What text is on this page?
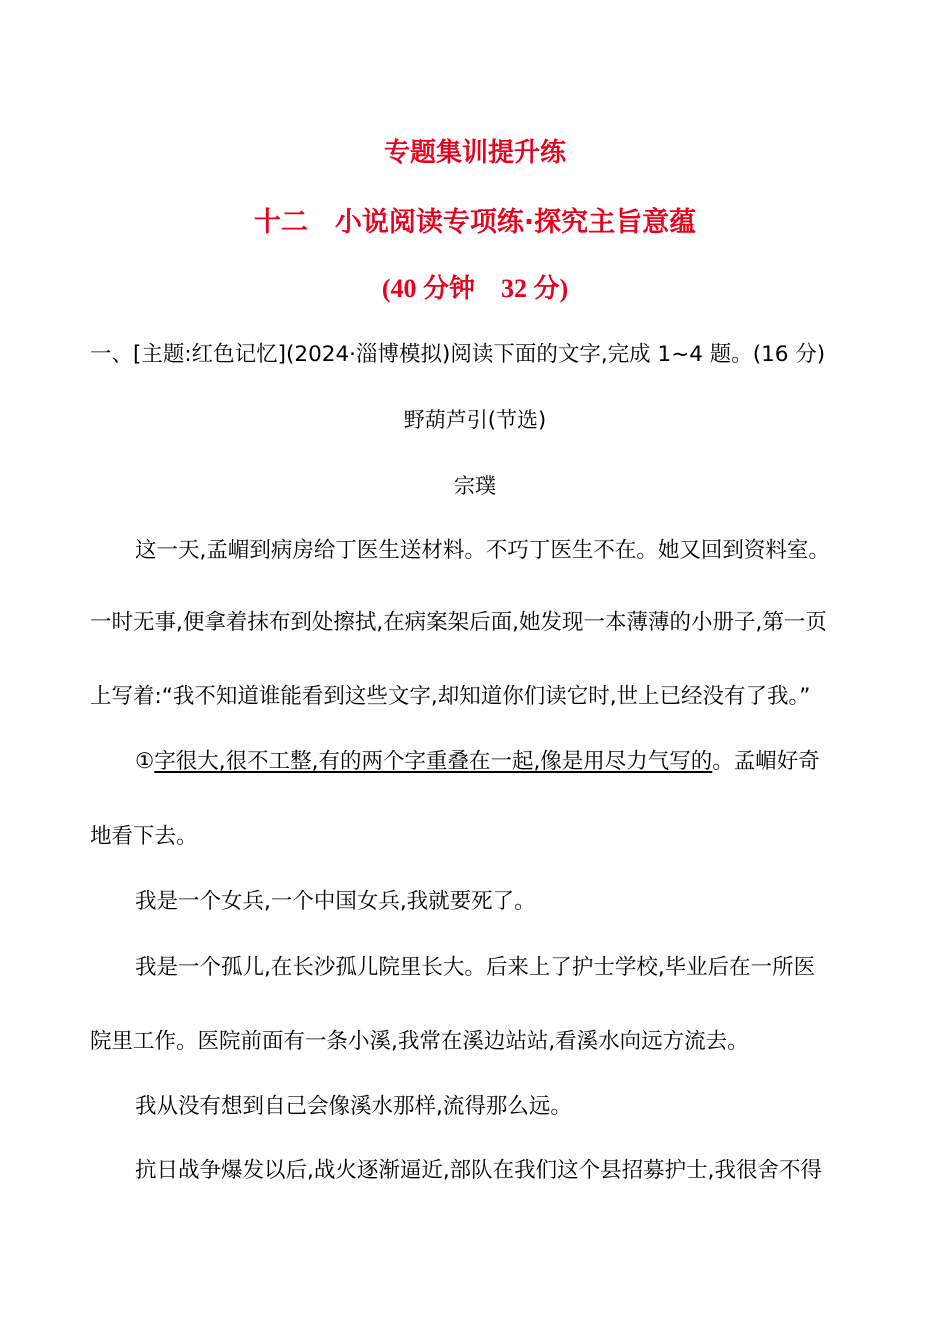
专题集训提升练
十二　小说阅读专项练·探究主旨意蕴
(40 分钟　32 分)
一、[主题:红色记忆](2024·淄博模拟)阅读下面的文字,完成 1~4 题。(16 分)
野葫芦引(节选)
宗璞
这一天,孟嵋到病房给丁医生送材料。不巧丁医生不在。她又回到资料室。
一时无事,便拿着抹布到处擦拭,在病案架后面,她发现一本薄薄的小册子,第一页
上写着:“我不知道谁能看到这些文字,却知道你们读它时,世上已经没有了我。”
①字很大,很不工整,有的两个字重叠在一起,像是用尽力气写的。孟嵋好奇
地看下去。
我是一个女兵,一个中国女兵,我就要死了。
我是一个孤儿,在长沙孤儿院里长大。后来上了护士学校,毕业后在一所医
院里工作。医院前面有一条小溪,我常在溪边站站,看溪水向远方流去。
我从没有想到自己会像溪水那样,流得那么远。
抗日战争爆发以后,战火逐渐逼近,部队在我们这个县招募护士,我很舍不得
